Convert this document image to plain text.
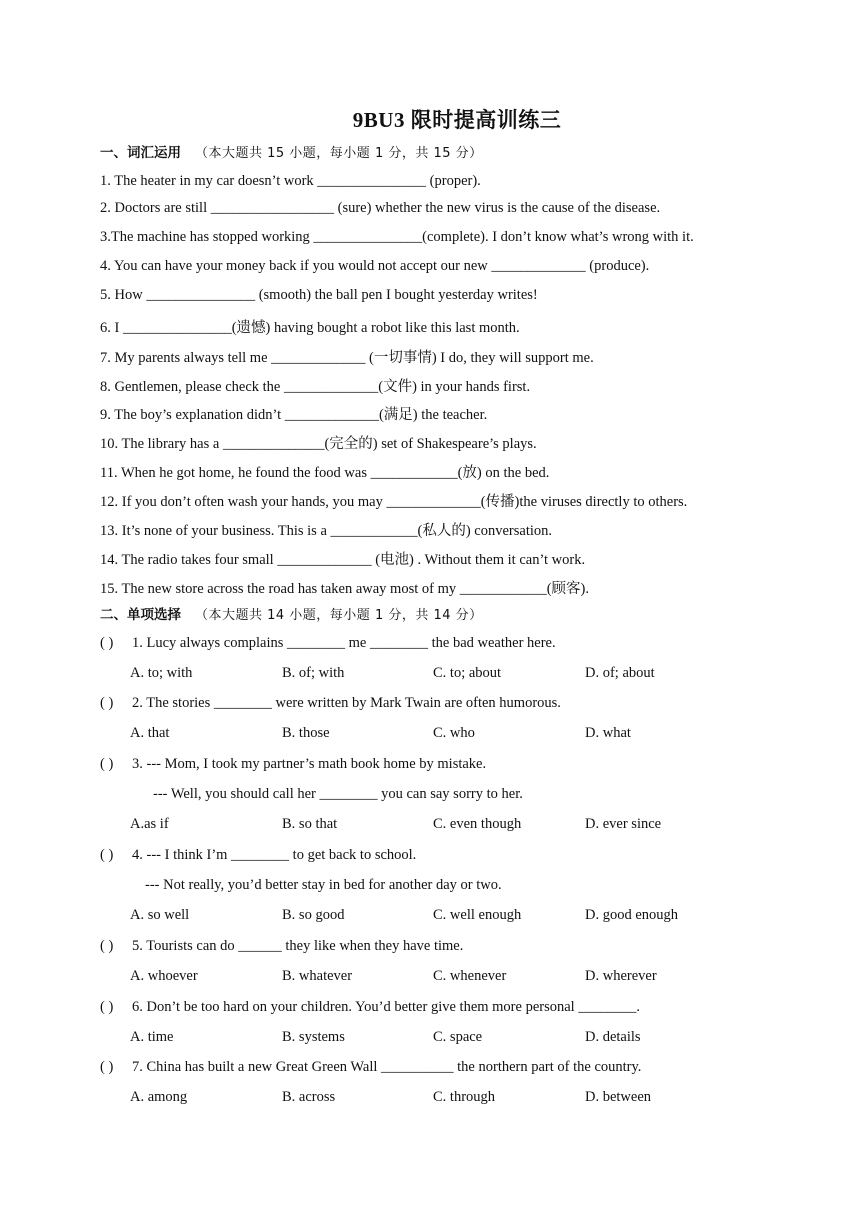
9BU3 限时提高训练三
一、词汇运用 （本大题共 15 小题，每小题 1 分，共 15 分）
1. The heater in my car doesn’t work _______________ (proper).
2. Doctors are still _________________ (sure) whether the new virus is the cause of the disease.
3.The machine has stopped working _______________(complete). I don’t know what’s wrong with it.
4. You can have your money back if you would not accept our new _____________ (produce).
5. How _______________ (smooth) the ball pen I bought yesterday writes!
6. I _______________(遗憾) having bought a robot like this last month.
7. My parents always tell me _____________ (一切事情) I do, they will support me.
8. Gentlemen, please check the _____________(文件) in your hands first.
9. The boy’s explanation didn’t _____________(满足) the teacher.
10. The library has a ______________(完全的) set of Shakespeare’s plays.
11. When he got home, he found the food was ____________(放) on the bed.
12. If you don’t often wash your hands, you may _____________(传播)the viruses directly to others.
13. It’s none of your business. This is a ____________(私人的) conversation.
14. The radio takes four small _____________ (电池) . Without them it can’t work.
15. The new store across the road has taken away most of my ____________(顾客).
二、单项选择 （本大题共 14 小题，每小题 1 分，共 14 分）
( ) 1. Lucy always complains ________ me ________ the bad weather here.
A. to; with	B. of; with	C. to; about	D. of; about
( ) 2. The stories ________ were written by Mark Twain are often humorous.
A. that	B. those	C. who	D. what
( ) 3. --- Mom, I took my partner’s math book home by mistake.
--- Well, you should call her ________ you can say sorry to her.
A.as if	B. so that	C. even though	D. ever since
( ) 4. --- I think I’m ________ to get back to school.
--- Not really, you’d better stay in bed for another day or two.
A. so well	B. so good	C. well enough	D. good enough
( ) 5. Tourists can do ______ they like when they have time.
A. whoever	B. whatever	C. whenever	D. wherever
( ) 6. Don’t be too hard on your children. You’d better give them more personal ________.
A. time	B. systems	C. space	D. details
( ) 7. China has built a new Great Green Wall __________ the northern part of the country.
A. among	B. across	C. through	D. between
